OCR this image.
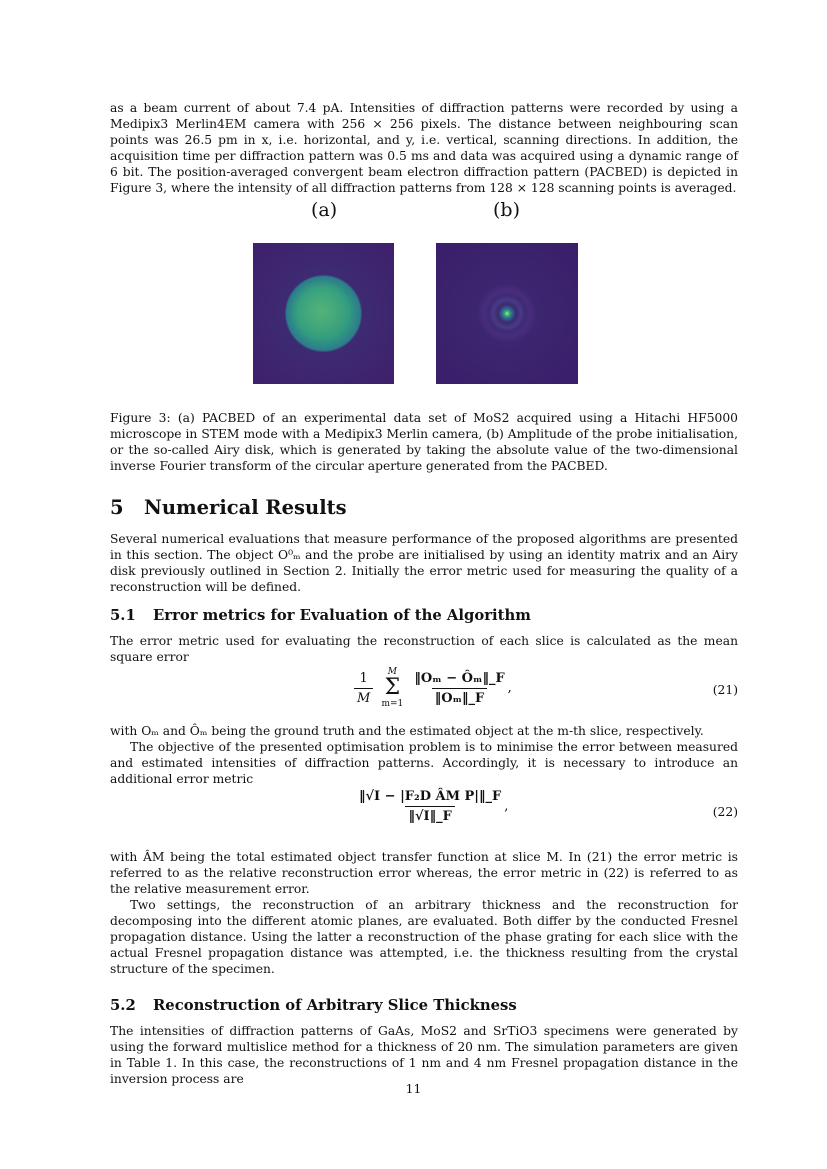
as a beam current of about 7.4 pA. Intensities of diffraction patterns were recorded by using a Medipix3 Merlin4EM camera with 256 × 256 pixels. The distance between neighbouring scan points was 26.5 pm in x, i.e. horizontal, and y, i.e. vertical, scanning directions. In addition, the acquisition time per diffraction pattern was 0.5 ms and data was acquired using a dynamic range of 6 bit. The position-averaged convergent beam electron diffraction pattern (PACBED) is depicted in Figure 3, where the intensity of all diffraction patterns from 128 × 128 scanning points is averaged.

(a)	(b)

Figure 3: (a) PACBED of an experimental data set of MoS2 acquired using a Hitachi HF5000 microscope in STEM mode with a Medipix3 Merlin camera, (b) Amplitude of the probe initialisation, or the so-called Airy disk, which is generated by taking the absolute value of the two-dimensional inverse Fourier transform of the circular aperture generated from the PACBED.

5 Numerical Results

Several numerical evaluations that measure performance of the proposed algorithms are presented in this section. The object O⁰ₘ and the probe are initialised by using an identity matrix and an Airy disk previously outlined in Section 2. Initially the error metric used for measuring the quality of a reconstruction will be defined.

5.1 Error metrics for Evaluation of the Algorithm

The error metric used for evaluating the reconstruction of each slice is calculated as the mean square error

$\frac{1}{M}$
M
Σ
m=1
$\frac{\text{‖Oₘ − Ôₘ‖\_F}}{\text{‖Oₘ‖\_F}}$ ,	(21)

with Oₘ and Ôₘ being the ground truth and the estimated object at the m-th slice, respectively.

The objective of the presented optimisation problem is to minimise the error between measured and estimated intensities of diffraction patterns. Accordingly, it is necessary to introduce an additional error metric

$\frac{\text{‖√I − |F₂D ÂM P|‖\_F}}{‖√I‖\_F}$ ,	(22)

with ÂM being the total estimated object transfer function at slice M. In (21) the error metric is referred to as the relative reconstruction error whereas, the error metric in (22) is referred to as the relative measurement error.

Two settings, the reconstruction of an arbitrary thickness and the reconstruction for decomposing into the different atomic planes, are evaluated. Both differ by the conducted Fresnel propagation distance. Using the latter a reconstruction of the phase grating for each slice with the actual Fresnel propagation distance was attempted, i.e. the thickness resulting from the crystal structure of the specimen.

5.2 Reconstruction of Arbitrary Slice Thickness

The intensities of diffraction patterns of GaAs, MoS2 and SrTiO3 specimens were generated by using the forward multislice method for a thickness of 20 nm. The simulation parameters are given in Table 1. In this case, the reconstructions of 1 nm and 4 nm Fresnel propagation distance in the inversion process are

11
